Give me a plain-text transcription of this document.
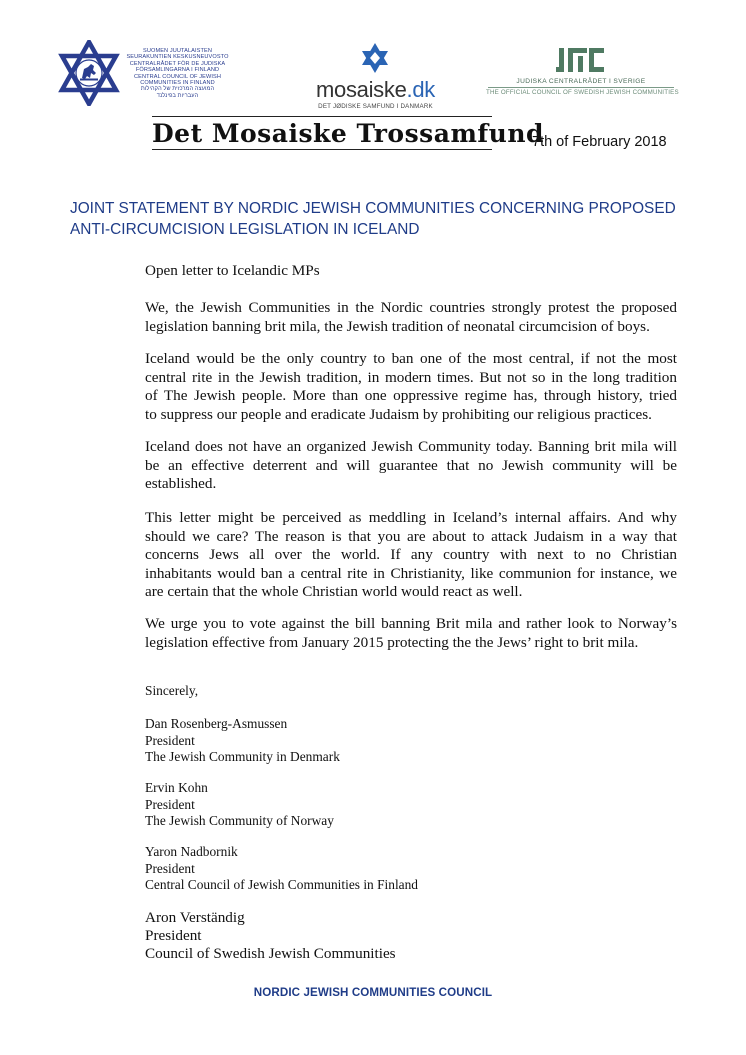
SUOMEN JUUTALAISTEN
SEURAKUNTIEN KESKUSNEUVOSTO
CENTRALRÅDET FÖR DE JUDISKA
FÖRSAMLINGARNA I FINLAND
CENTRAL COUNCIL OF JEWISH
COMMUNITIES IN FINLAND
המועצה המרכזית של הקהילות
העבריות בפינלנד	mosaiske.dk
DET JØDISKE SAMFUND I DANMARK
JUDISKA CENTRALRÅDET I SVERIGE
THE OFFICIAL COUNCIL OF SWEDISH JEWISH COMMUNITIES
Det Mosaiske Trossamfund
7th of February 2018
JOINT STATEMENT BY NORDIC JEWISH COMMUNITIES CONCERNING PROPOSED
ANTI-CIRCUMCISION LEGISLATION IN ICELAND
Open letter to Icelandic MPs
We, the Jewish Communities in the Nordic countries strongly protest the proposed
legislation banning brit mila, the Jewish tradition of neonatal circumcision of boys.
Iceland would be the only country to ban one of the most central, if not the most
central rite in the Jewish tradition, in modern times. But not so in the long tradition
of The Jewish people. More than one oppressive regime has, through history, tried
to suppress our people and eradicate Judaism by prohibiting our religious practices.
Iceland does not have an organized Jewish Community today. Banning brit mila will
be an effective deterrent and will guarantee that no Jewish community will be
established.
This letter might be perceived as meddling in Iceland’s internal affairs. And why
should we care? The reason is that you are about to attack Judaism in a way that
concerns Jews all over the world. If any country with next to no Christian
inhabitants would ban a central rite in Christianity, like communion for instance, we
are certain that the whole Christian world would react as well.
We urge you to vote against the bill banning Brit mila and rather look to Norway’s
legislation effective from January 2015 protecting the the Jews’ right to brit mila.
Sincerely,
Dan Rosenberg-Asmussen
President
The Jewish Community in Denmark
Ervin Kohn
President
The Jewish Community of Norway
Yaron Nadbornik
President
Central Council of Jewish Communities in Finland
Aron Verständig
President
Council of Swedish Jewish Communities
NORDIC JEWISH COMMUNITIES COUNCIL
